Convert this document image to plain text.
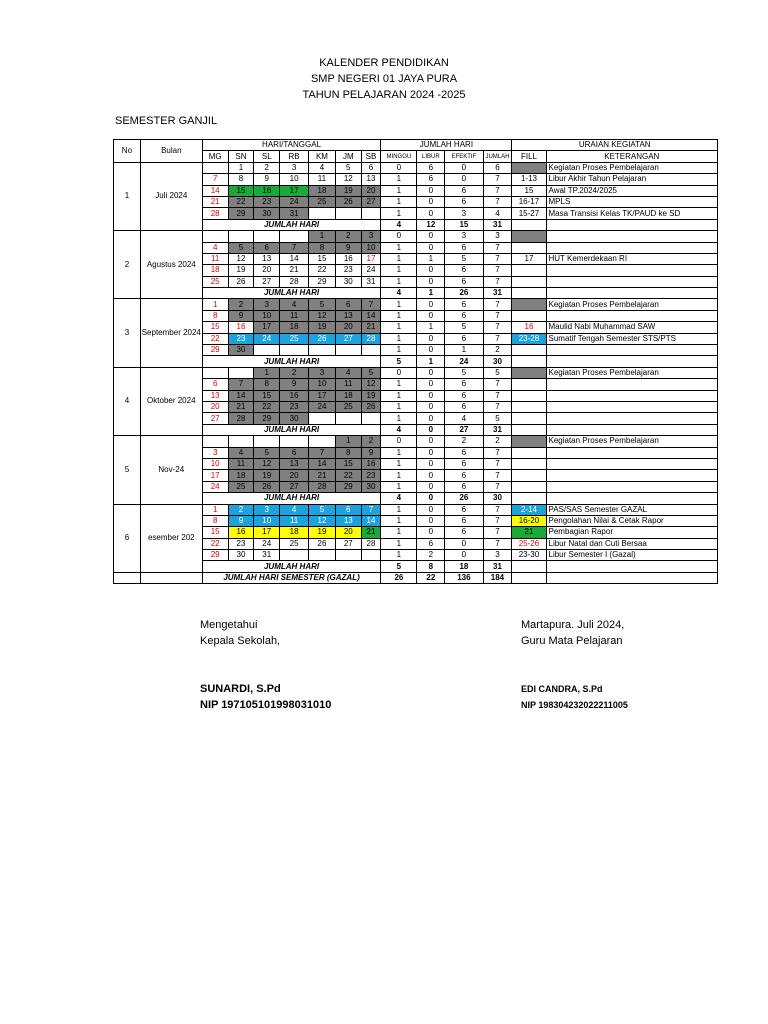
KALENDER PENDIDIKAN
SMP NEGERI 01 JAYA PURA
TAHUN PELAJARAN 2024 -2025
SEMESTER GANJIL
No	Bulan	HARI/TANGGAL							JUMLAH HARI				URAIAN KEGIATAN	
		MG	SN	SL	RB	KM	JM	SB	MINGGU	LIBUR	EFEKTIF	JUMLAH	FILL	KETERANGAN
1	Juli 2024		1	2	3	4	5	6	0	6	0	6		Kegiatan Proses Pembelajaran
		7	8	9	10	11	12	13	1	6	0	7	1-13	Libur Akhir Tahun Pelajaran
		14	15	16	17	18	19	20	1	0	6	7	15	Awal TP.2024/2025
		21	22	23	24	25	26	27	1	0	6	7	16-17	MPLS
		28	29	30	31				1	0	3	4	15-27	Masa Transisi Kelas TK/PAUD ke SD
		JUMLAH HARI							4	12	15	31		
2	Agustus 2024					1	2	3	0	0	3	3		
		4	5	6	7	8	9	10	1	0	6	7		
		11	12	13	14	15	16	17	1	1	5	7	17	HUT Kemerdekaan RI
		18	19	20	21	22	23	24	1	0	6	7		
		25	26	27	28	29	30	31	1	0	6	7		
		JUMLAH HARI							4	1	26	31		
3	September 2024	1	2	3	4	5	6	7	1	0	6	7		Kegiatan Proses Pembelajaran
		8	9	10	11	12	13	14	1	0	6	7		
		15	16	17	18	19	20	21	1	1	5	7	16	Maulid Nabi Muhammad SAW
		22	23	24	25	26	27	28	1	0	6	7	23-28	Sumatif Tengah Semester STS/PTS
		29	30						1	0	1	2		
		JUMLAH HARI							5	1	24	30		
4	Oktober 2024			1	2	3	4	5	0	0	5	5		Kegiatan Proses Pembelajaran
		6	7	8	9	10	11	12	1	0	6	7		
		13	14	15	16	17	18	19	1	0	6	7		
		20	21	22	23	24	25	26	1	0	6	7		
		27	28	29	30				1	0	4	5		
		JUMLAH HARI							4	0	27	31		
5	Nov-24						1	2	0	0	2	2		Kegiatan Proses Pembelajaran
		3	4	5	6	7	8	9	1	0	6	7		
		10	11	12	13	14	15	16	1	0	6	7		
		17	18	19	20	21	22	23	1	0	6	7		
		24	25	26	27	28	29	30	1	0	6	7		
		JUMLAH HARI							4	0	26	30		
6	esember 202	1	2	3	4	5	6	7	1	0	6	7	2-14	PAS/SAS Semester GAZAL
		8	9	10	11	12	13	14	1	0	6	7	16-20	Pengolahan Nilai & Cetak Rapor
		15	16	17	18	19	20	21	1	0	6	7	21	Pembagian Rapor
		22	23	24	25	26	27	28	1	6	0	7	25-26	Libur Natal dan Cuti Bersaa
		29	30	31					1	2	0	3	23-30	Libur Semester I (Gazal)
		JUMLAH HARI							5	8	18	31		
		JUMLAH HARI SEMESTER (GAZAL)							26	22	136	184		
Mengetahui
Kepala Sekolah,
Martapura. Juli 2024,
Guru Mata Pelajaran
SUNARDI, S.Pd
NIP 197105101998031010
EDI CANDRA, S.Pd
NIP 198304232022211005
